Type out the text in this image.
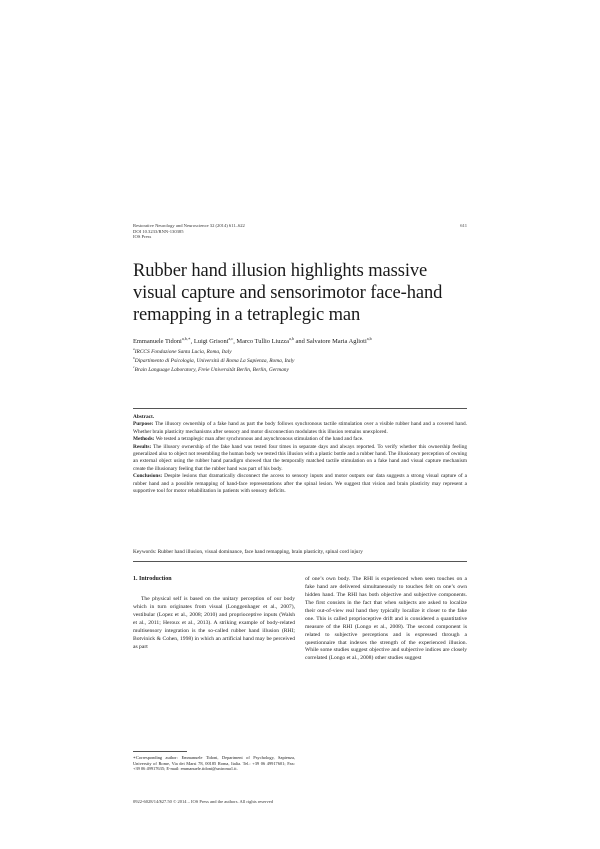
Restorative Neurology and Neuroscience 32 (2014) 611–622
DOI 10.3233/RNN-130385
IOS Press
611
Rubber hand illusion highlights massive visual capture and sensorimotor face-hand remapping in a tetraplegic man
Emmanuele Tidoni$^{a,b,∗}$, Luigi Grisoni$^{a,c}$, Marco Tullio Liuzza$^{a,b}$ and Salvatore Maria Aglioti$^{a,b}$
$^a$IRCCS Fondazione Santa Lucia, Roma, Italy
$^b$Dipartimento di Psicologia, Università di Roma La Sapienza, Roma, Italy
$^c$Brain Language Laboratory, Freie Universität Berlin, Berlin, Germany
Abstract.
Purpose: The illusory ownership of a fake hand as part the body follows synchronous tactile stimulation over a visible rubber hand and a covered hand. Whether brain plasticity mechanisms after sensory and motor disconnection modulates this illusion remains unexplored.
Methods: We tested a tetraplegic man after synchronous and asynchronous stimulation of the hand and face.
Results: The illusory ownership of the fake hand was tested four times in separate days and always reported. To verify whether this ownership feeling generalized also to object not resembling the human body we tested this illusion with a plastic bottle and a rubber hand. The illusionary perception of owning an external object using the rubber hand paradigm showed that the temporally matched tactile stimulation on a fake hand and visual capture mechanism create the illusionary feeling that the rubber hand was part of his body.
Conclusions: Despite lesions that dramatically disconnect the access to sensory inputs and motor outputs our data suggests a strong visual capture of a rubber hand and a possible remapping of hand-face representations after the spinal lesion. We suggest that vision and brain plasticity may represent a supportive tool for motor rehabilitation in patients with sensory deficits.
Keywords: Rubber hand illusion, visual dominance, face hand remapping, brain plasticity, spinal cord injury
1. Introduction
The physical self is based on the unitary perception of our body which in turn originates from visual (Longgenhager et al., 2007), vestibular (Lopez et al., 2008; 2010) and proprioceptive inputs (Walsh et al., 2011; Heroux et al., 2013). A striking example of body-related multisensory integration is the so-called rubber hand illusion (RHI; Botvinick & Cohen, 1998) in which an artificial hand may be perceived as part
of one’s own body. The RHI is experienced when seen touches on a fake hand are delivered simultaneously to touches felt on one’s own hidden hand. The RHI has both objective and subjective components. The first consists in the fact that when subjects are asked to localize their out-of-view real hand they typically localize it closer to the fake one. This is called proprioceptive drift and is considered a quantitative measure of the RHI (Longo et al., 2008). The second component is related to subjective perceptions and is expressed through a questionnaire that indexes the strength of the experienced illusion. While some studies suggest objective and subjective indices are closely correlated (Longo et al., 2008) other studies suggest
∗Corresponding author: Emmanuele Tidoni, Department of Psychology, Sapienza, University of Rome, Via dei Marsi 78, 00185 Roma, Italia. Tel.: +39 06 49917601; Fax: +39 06 49917635; E-mail: emmanuele.tidoni@uniroma1.it.
0922-6028/14/$27.50 © 2014 – IOS Press and the authors. All rights reserved
